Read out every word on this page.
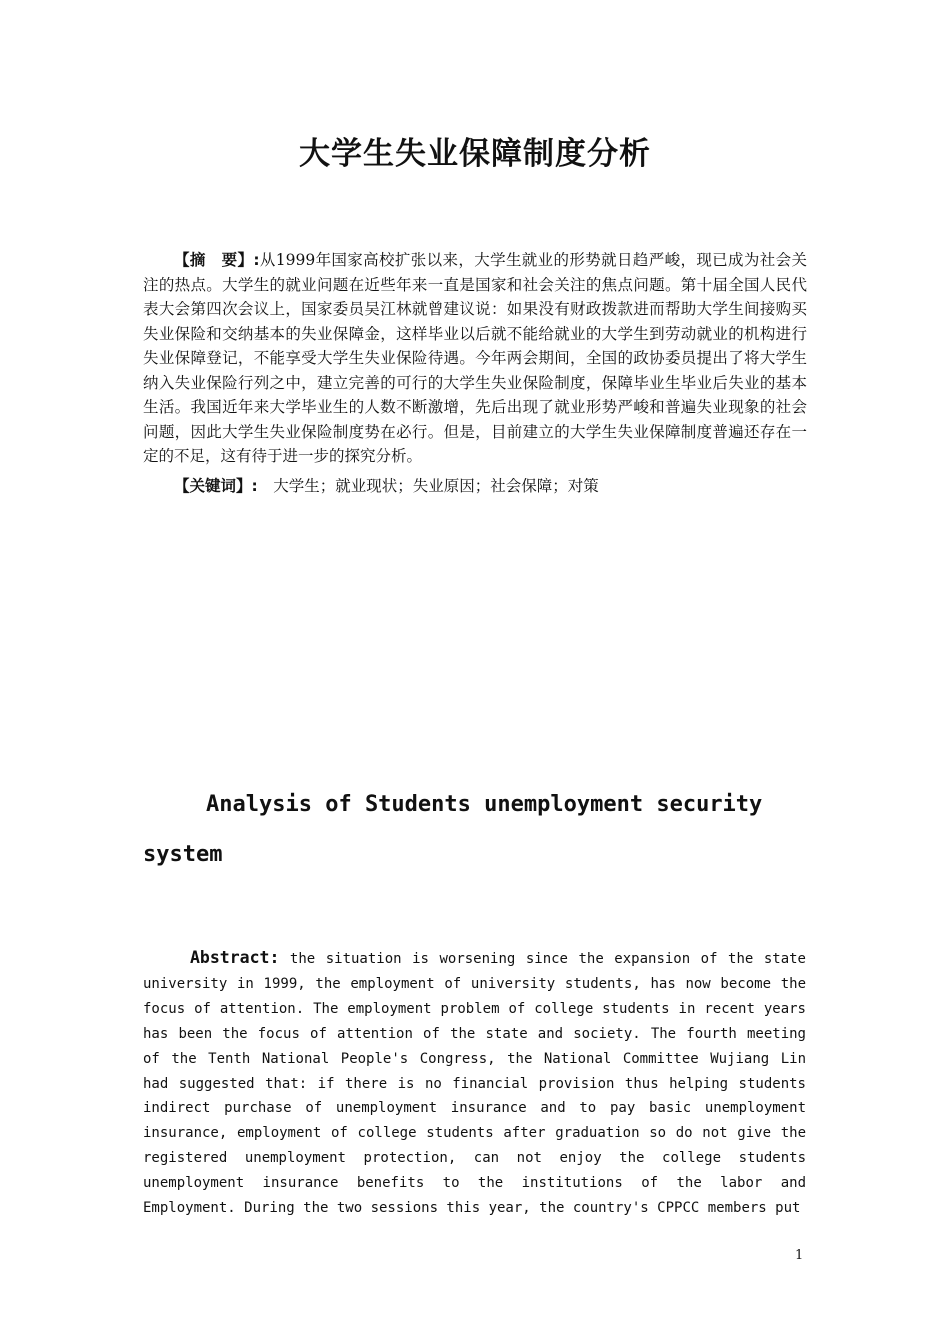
大学生失业保障制度分析

【摘　要】:从1999年国家高校扩张以来，大学生就业的形势就日趋严峻，现已成为社会关注的热点。大学生的就业问题在近些年来一直是国家和社会关注的焦点问题。第十届全国人民代表大会第四次会议上，国家委员吴江林就曾建议说：如果没有财政拨款进而帮助大学生间接购买失业保险和交纳基本的失业保障金，这样毕业以后就不能给就业的大学生到劳动就业的机构进行失业保障登记，不能享受大学生失业保险待遇。今年两会期间，全国的政协委员提出了将大学生纳入失业保险行列之中，建立完善的可行的大学生失业保险制度，保障毕业生毕业后失业的基本生活。我国近年来大学毕业生的人数不断激增，先后出现了就业形势严峻和普遍失业现象的社会问题，因此大学生失业保险制度势在必行。但是，目前建立的大学生失业保障制度普遍还存在一定的不足，这有待于进一步的探究分析。

【关键词】:　大学生；就业现状；失业原因；社会保障；对策

Analysis of Students unemployment security system

Abstract: the situation is worsening since the expansion of the state university in 1999, the employment of university students, has now become the focus of attention. The employment problem of college students in recent years has been the focus of attention of the state and society. The fourth meeting of the Tenth National People's Congress, the National Committee Wujiang Lin had suggested that: if there is no financial provision thus helping students indirect purchase of unemployment insurance and to pay basic unemployment insurance, employment of college students after graduation so do not give the registered unemployment protection, can not enjoy the college students unemployment insurance benefits to the institutions of the labor and Employment. During the two sessions this year, the country's CPPCC members put

1
